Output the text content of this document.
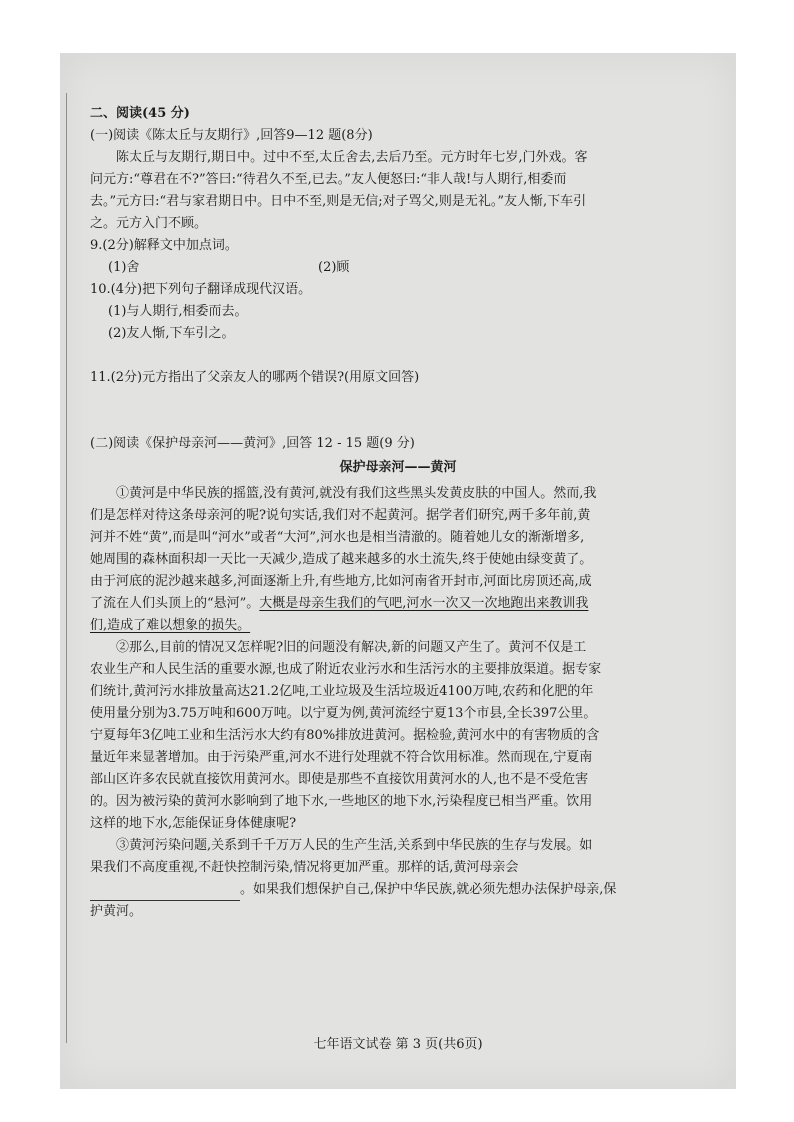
二、阅读(45 分)
(一)阅读《陈太丘与友期行》,回答9—12 题(8分)
陈太丘与友期行,期日中。过中不至,太丘舍去,去后乃至。元方时年七岁,门外戏。客
问元方:“尊君在不?”答曰:“待君久不至,已去。”友人便怒曰:“非人哉!与人期行,相委而
去。”元方曰:“君与家君期日中。日中不至,则是无信;对子骂父,则是无礼。”友人惭,下车引
之。元方入门不顾。
9.(2分)解释文中加点词。
(1)舍	(2)顾
10.(4分)把下列句子翻译成现代汉语。
(1)与人期行,相委而去。
(2)友人惭,下车引之。
11.(2分)元方指出了父亲友人的哪两个错误?(用原文回答)
(二)阅读《保护母亲河——黄河》,回答 12 - 15 题(9 分)
保护母亲河——黄河
①黄河是中华民族的摇篮,没有黄河,就没有我们这些黑头发黄皮肤的中国人。然而,我
们是怎样对待这条母亲河的呢?说句实话,我们对不起黄河。据学者们研究,两千多年前,黄
河并不姓“黄”,而是叫“河水”或者“大河”,河水也是相当清澈的。随着她儿女的渐渐增多,
她周围的森林面积却一天比一天减少,造成了越来越多的水土流失,终于使她由绿变黄了。
由于河底的泥沙越来越多,河面逐渐上升,有些地方,比如河南省开封市,河面比房顶还高,成
了流在人们头顶上的“悬河”。大概是母亲生我们的气吧,河水一次又一次地跑出来教训我
们,造成了难以想象的损失。
②那么,目前的情况又怎样呢?旧的问题没有解决,新的问题又产生了。黄河不仅是工
农业生产和人民生活的重要水源,也成了附近农业污水和生活污水的主要排放渠道。据专家
们统计,黄河污水排放量高达21.2亿吨,工业垃圾及生活垃圾近4100万吨,农药和化肥的年
使用量分别为3.75万吨和600万吨。以宁夏为例,黄河流经宁夏13个市县,全长397公里。
宁夏每年3亿吨工业和生活污水大约有80%排放进黄河。据检验,黄河水中的有害物质的含
量近年来显著增加。由于污染严重,河水不进行处理就不符合饮用标准。然而现在,宁夏南
部山区许多农民就直接饮用黄河水。即使是那些不直接饮用黄河水的人,也不是不受危害
的。因为被污染的黄河水影响到了地下水,一些地区的地下水,污染程度已相当严重。饮用
这样的地下水,怎能保证身体健康呢?
③黄河污染问题,关系到千千万万人民的生产生活,关系到中华民族的生存与发展。如
果我们不高度重视,不赶快控制污染,情况将更加严重。那样的话,黄河母亲会
。如果我们想保护自己,保护中华民族,就必须先想办法保护母亲,保
护黄河。
七年语文试卷 第 3 页(共6页)
